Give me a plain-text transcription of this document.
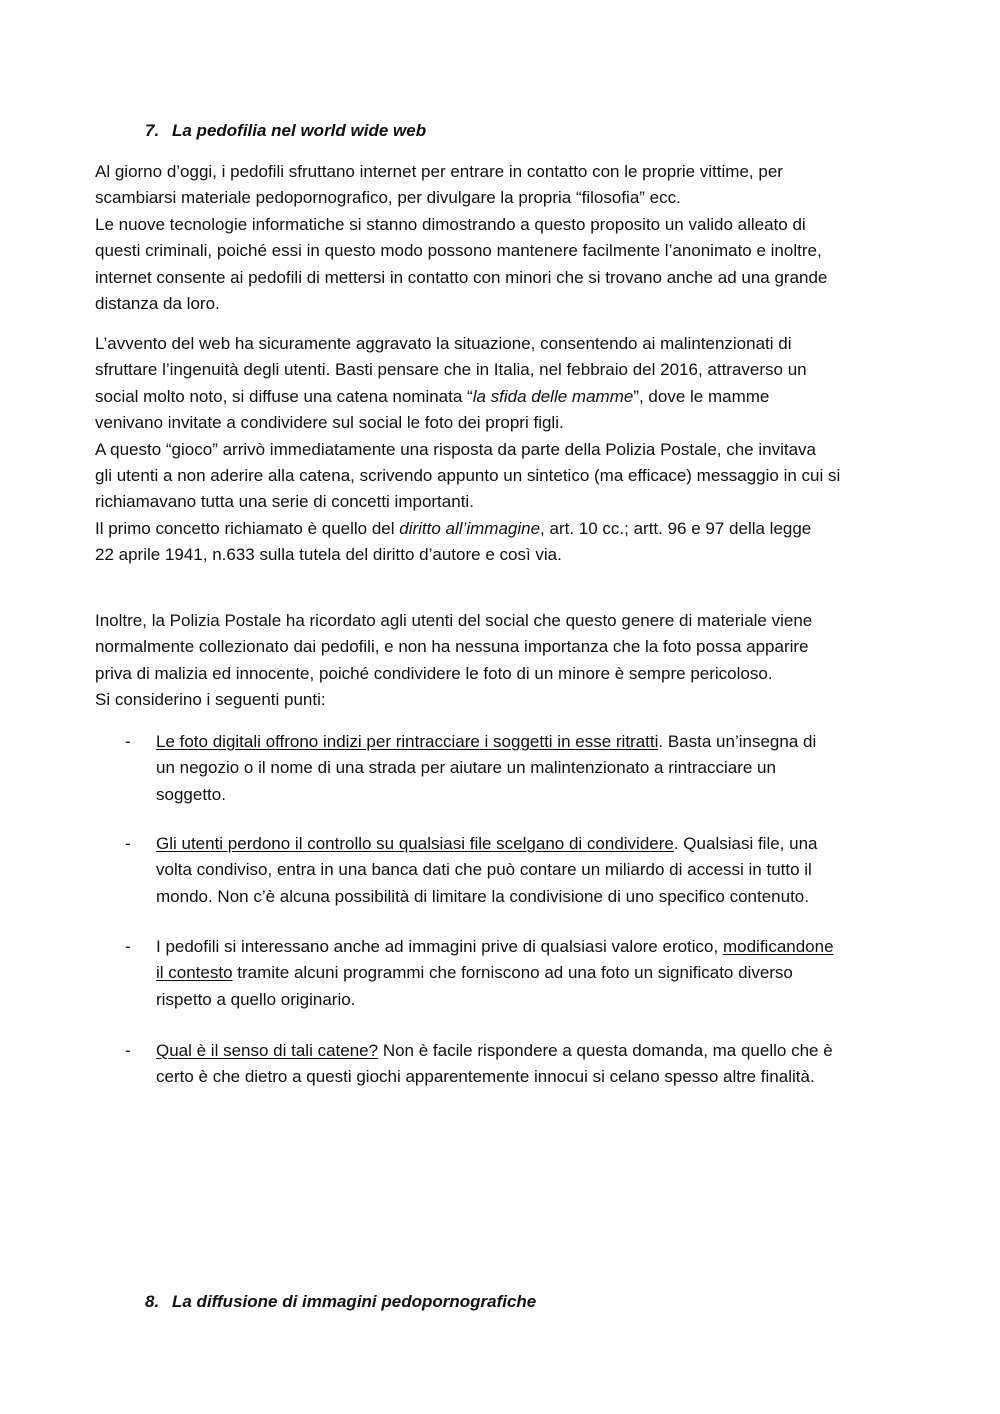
7. La pedofilia nel world wide web
Al giorno d’oggi, i pedofili sfruttano internet per entrare in contatto con le proprie vittime, per
scambiarsi materiale pedopornografico, per divulgare la propria “filosofia” ecc.
Le nuove tecnologie informatiche si stanno dimostrando a questo proposito un valido alleato di
questi criminali, poiché essi in questo modo possono mantenere facilmente l’anonimato e inoltre,
internet consente ai pedofili di mettersi in contatto con minori che si trovano anche ad una grande
distanza da loro.
L’avvento del web ha sicuramente aggravato la situazione, consentendo ai malintenzionati di
sfruttare l’ingenuità degli utenti. Basti pensare che in Italia, nel febbraio del 2016, attraverso un
social molto noto, si diffuse una catena nominata “la sfida delle mamme”, dove le mamme
venivano invitate a condividere sul social le foto dei propri figli.
A questo “gioco” arrivò immediatamente una risposta da parte della Polizia Postale, che invitava
gli utenti a non aderire alla catena, scrivendo appunto un sintetico (ma efficace) messaggio in cui si
richiamavano tutta una serie di concetti importanti.
Il primo concetto richiamato è quello del diritto all’immagine, art. 10 cc.; artt. 96 e 97 della legge
22 aprile 1941, n.633 sulla tutela del diritto d’autore e così via.
Inoltre, la Polizia Postale ha ricordato agli utenti del social che questo genere di materiale viene
normalmente collezionato dai pedofili, e non ha nessuna importanza che la foto possa apparire
priva di malizia ed innocente, poiché condividere le foto di un minore è sempre pericoloso.
Si considerino i seguenti punti:
- Le foto digitali offrono indizi per rintracciare i soggetti in esse ritratti. Basta un’insegna di
un negozio o il nome di una strada per aiutare un malintenzionato a rintracciare un
soggetto.
- Gli utenti perdono il controllo su qualsiasi file scelgano di condividere. Qualsiasi file, una
volta condiviso, entra in una banca dati che può contare un miliardo di accessi in tutto il
mondo. Non c’è alcuna possibilità di limitare la condivisione di uno specifico contenuto.
- I pedofili si interessano anche ad immagini prive di qualsiasi valore erotico, modificandone
il contesto tramite alcuni programmi che forniscono ad una foto un significato diverso
rispetto a quello originario.
- Qual è il senso di tali catene? Non è facile rispondere a questa domanda, ma quello che è
certo è che dietro a questi giochi apparentemente innocui si celano spesso altre finalità.
8. La diffusione di immagini pedopornografiche
